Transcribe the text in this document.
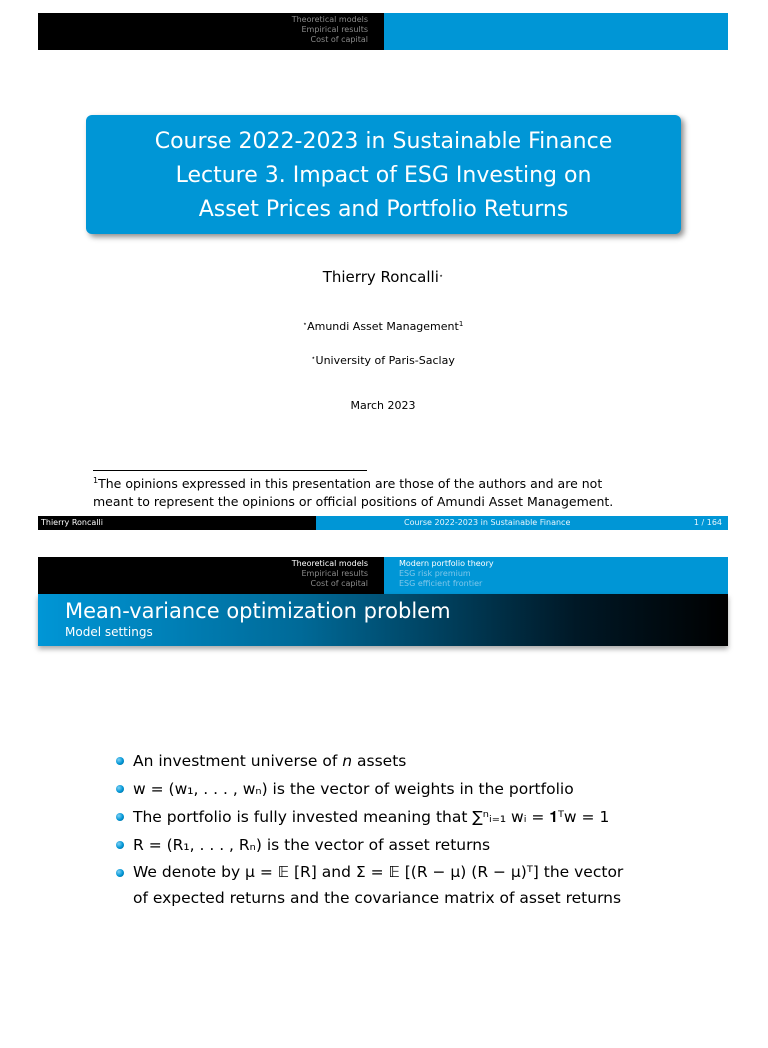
Theoretical models
Empirical results
Cost of capital
Course 2022-2023 in Sustainable Finance
Lecture 3. Impact of ESG Investing on
Asset Prices and Portfolio Returns
Thierry Roncalli⋆
⋆Amundi Asset Management$^1$
⋆University of Paris-Saclay
March 2023
$^1$The opinions expressed in this presentation are those of the authors and are not
meant to represent the opinions or official positions of Amundi Asset Management.
Thierry Roncalli	Course 2022-2023 in Sustainable Finance	1 / 164
Theoretical models
Empirical results
Cost of capital
Modern portfolio theory
ESG risk premium
ESG efficient frontier
Mean-variance optimization problem
Model settings
An investment universe of n assets
w = (w₁, . . . , wₙ) is the vector of weights in the portfolio
The portfolio is fully invested meaning that ∑ⁿᵢ₌₁ wᵢ = 𝟏ᵀw = 1
R = (R₁, . . . , Rₙ) is the vector of asset returns
We denote by μ = 𝔼 [R] and Σ = 𝔼 [(R − μ) (R − μ)ᵀ] the vector
of expected returns and the covariance matrix of asset returns
